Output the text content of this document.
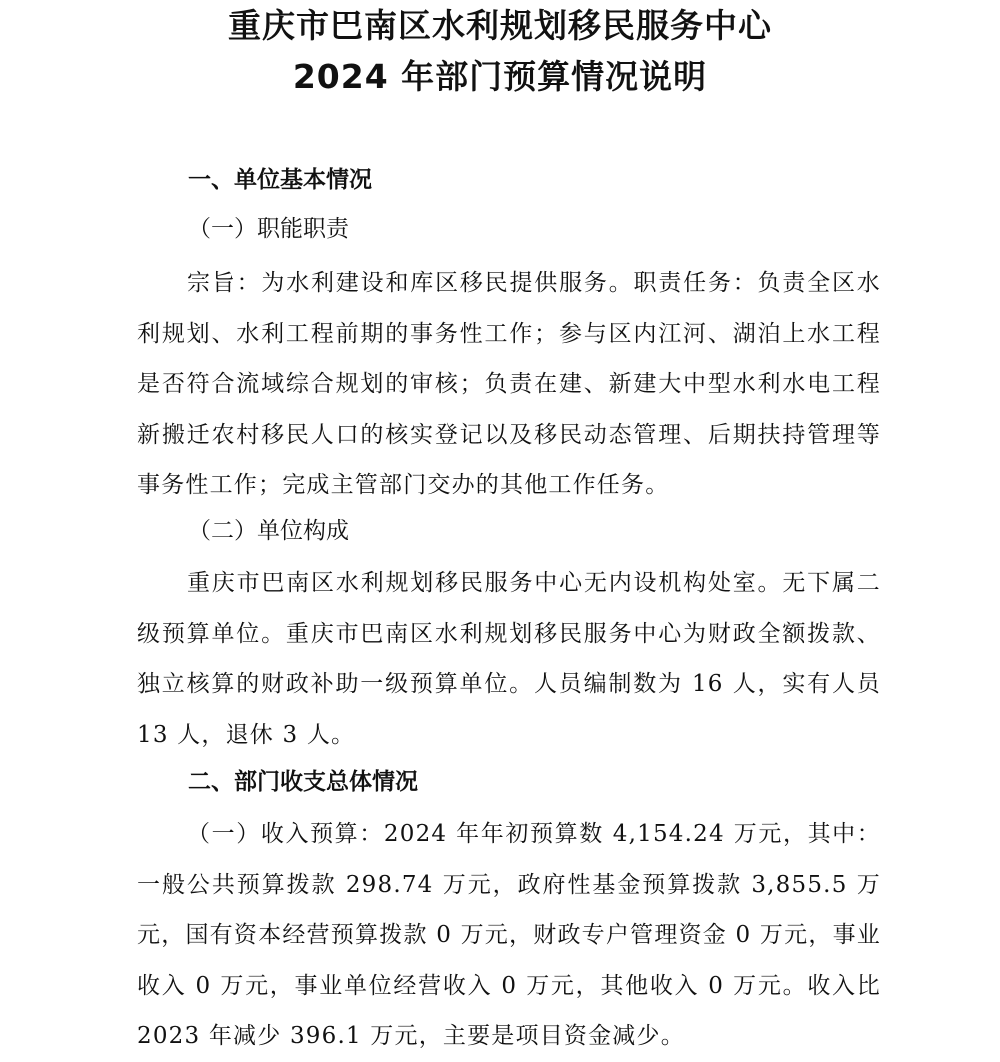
重庆市巴南区水利规划移民服务中心
2024 年部门预算情况说明
一、单位基本情况
（一）职能职责

宗旨：为水利建设和库区移民提供服务。职责任务：负责全区水利规划、水利工程前期的事务性工作；参与区内江河、湖泊上水工程是否符合流域综合规划的审核；负责在建、新建大中型水利水电工程新搬迁农村移民人口的核实登记以及移民动态管理、后期扶持管理等事务性工作；完成主管部门交办的其他工作任务。

（二）单位构成

重庆市巴南区水利规划移民服务中心无内设机构处室。无下属二级预算单位。重庆市巴南区水利规划移民服务中心为财政全额拨款、独立核算的财政补助一级预算单位。人员编制数为 16 人，实有人员 13 人，退休 3 人。

二、部门收支总体情况

（一）收入预算：2024 年年初预算数 4,154.24 万元，其中：一般公共预算拨款 298.74 万元，政府性基金预算拨款 3,855.5 万元，国有资本经营预算拨款 0 万元，财政专户管理资金 0 万元，事业收入 0 万元，事业单位经营收入 0 万元，其他收入 0 万元。收入比 2023 年减少 396.1 万元，主要是项目资金减少。
